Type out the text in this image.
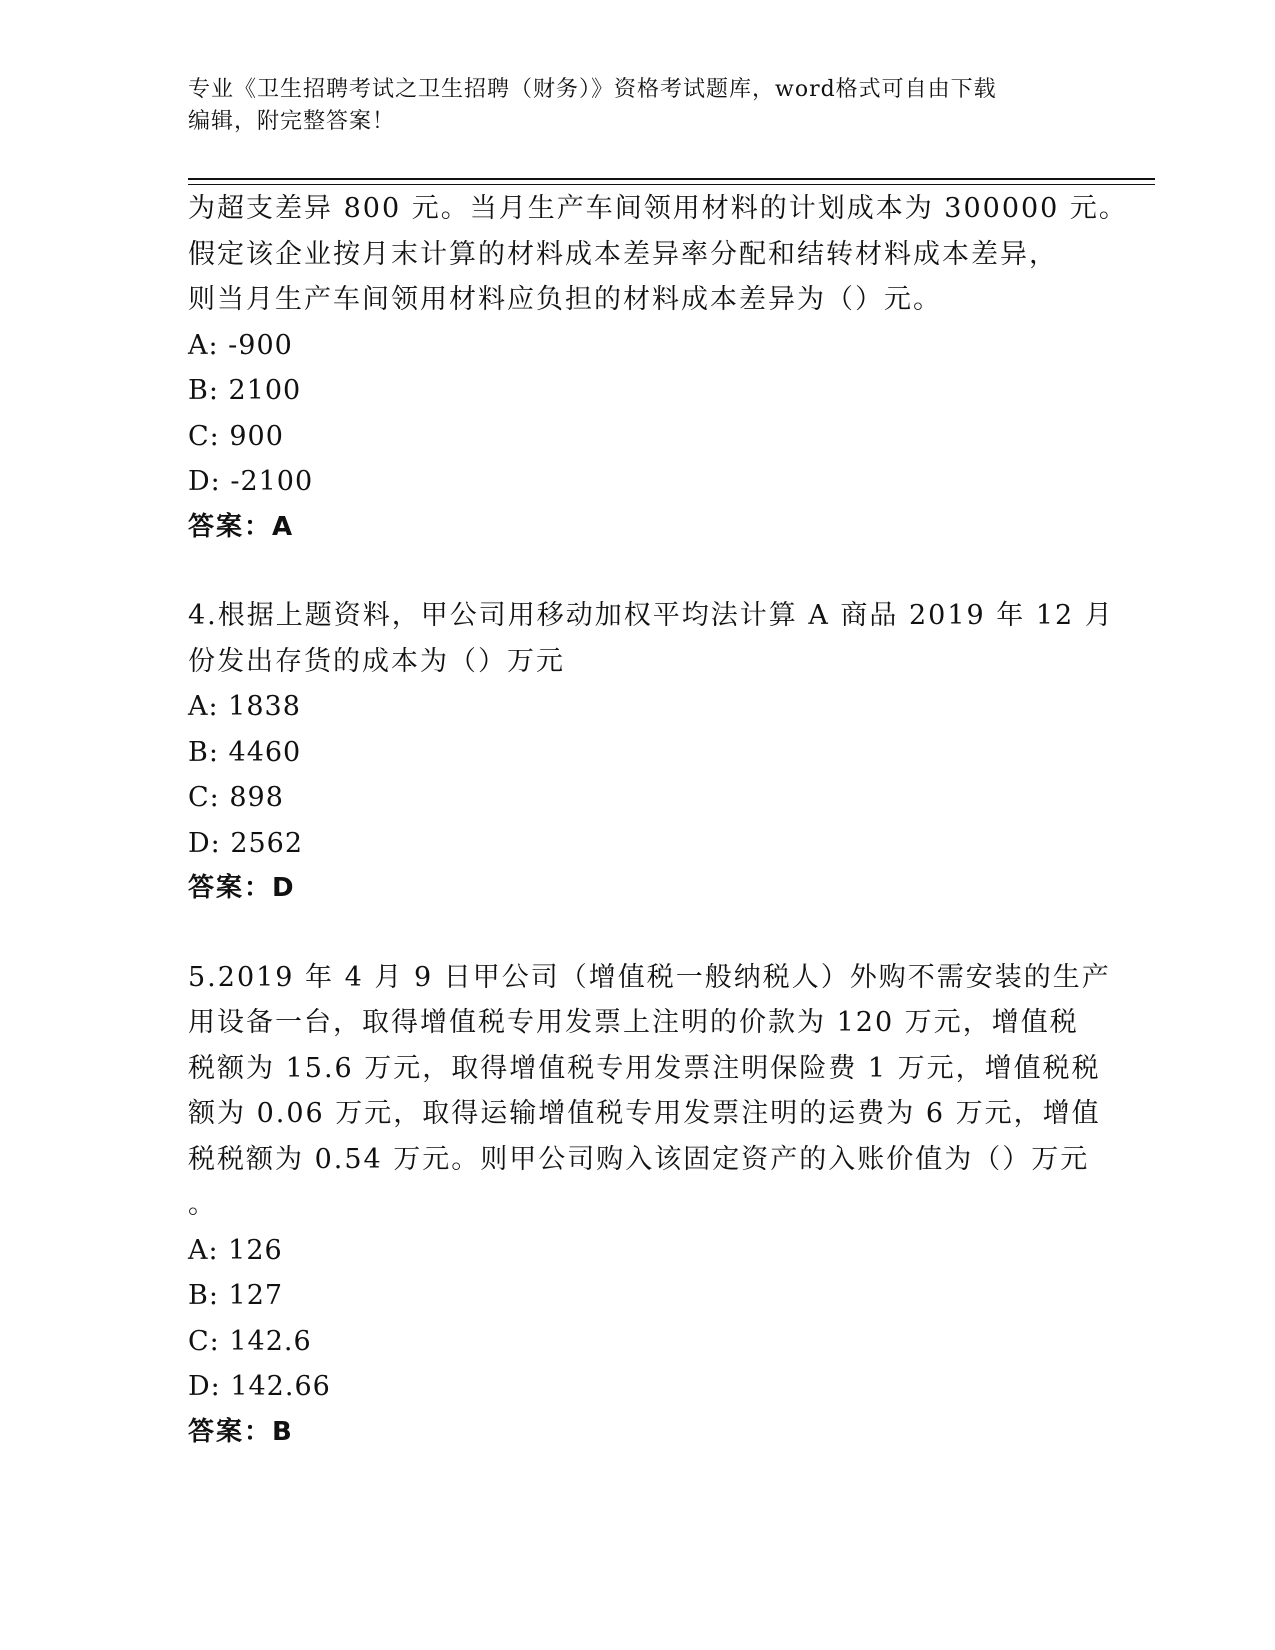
专业《卫生招聘考试之卫生招聘（财务）》资格考试题库，word格式可自由下载
编辑，附完整答案！
为超支差异 800 元。当月生产车间领用材料的计划成本为 300000 元。
假定该企业按月末计算的材料成本差异率分配和结转材料成本差异，
则当月生产车间领用材料应负担的材料成本差异为（）元。
A: -900
B: 2100
C: 900
D: -2100
答案：A
4.根据上题资料，甲公司用移动加权平均法计算 A 商品 2019 年 12 月
份发出存货的成本为（）万元
A: 1838
B: 4460
C: 898
D: 2562
答案：D
5.2019 年 4 月 9 日甲公司（增值税一般纳税人）外购不需安装的生产
用设备一台，取得增值税专用发票上注明的价款为 120 万元，增值税
税额为 15.6 万元，取得增值税专用发票注明保险费 1 万元，增值税税
额为 0.06 万元，取得运输增值税专用发票注明的运费为 6 万元，增值
税税额为 0.54 万元。则甲公司购入该固定资产的入账价值为（）万元
。
A: 126
B: 127
C: 142.6
D: 142.66
答案：B
